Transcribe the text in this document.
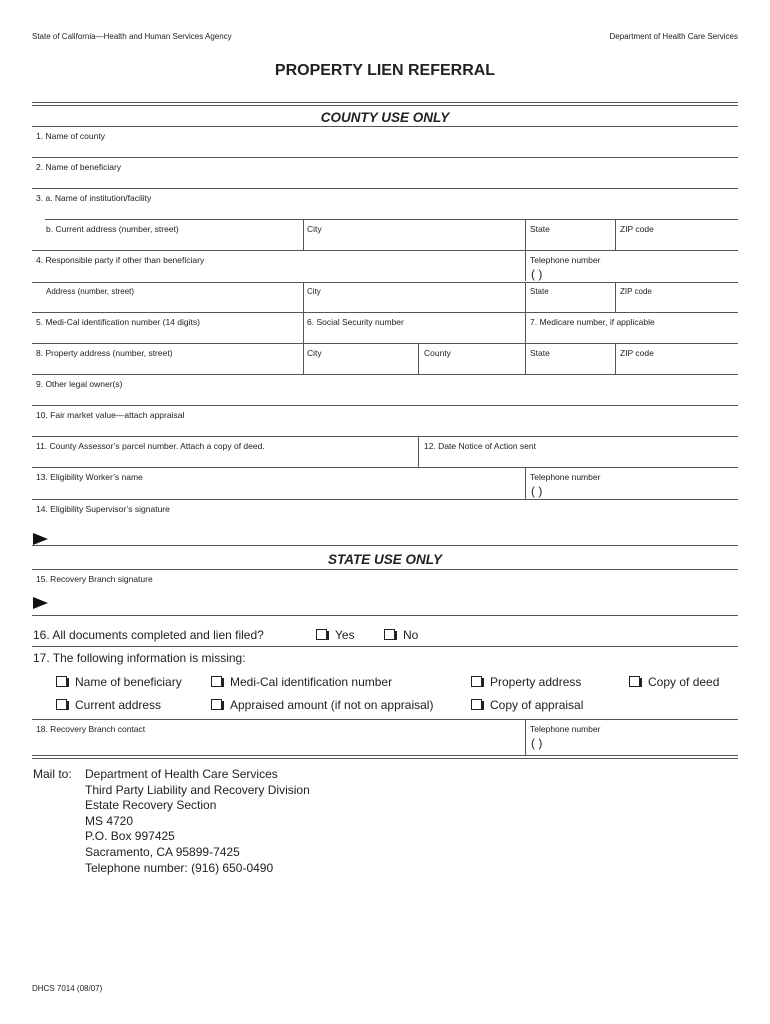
State of California—Health and Human Services Agency	Department of Health Care Services
PROPERTY LIEN REFERRAL
COUNTY USE ONLY
1. Name of county
2. Name of beneficiary
3. a. Name of institution/facility
b. Current address (number, street)	City	State	ZIP code
4. Responsible party if other than beneficiary	Telephone number
( )
Address (number, street)	City	State	ZIP code
5. Medi-Cal identification number (14 digits)	6. Social Security number	7. Medicare number, if applicable
8. Property address (number, street)	City	County	State	ZIP code
9. Other legal owner(s)
10. Fair market value—attach appraisal
11. County Assessor’s parcel number. Attach a copy of deed.	12. Date Notice of Action sent
13. Eligibility Worker’s name	Telephone number
( )
14. Eligibility Supervisor’s signature
STATE USE ONLY
15. Recovery Branch signature
16. All documents completed and lien filed?	Yes	No
17. The following information is missing:
Name of beneficiary	Medi-Cal identification number	Property address	Copy of deed
Current address	Appraised amount (if not on appraisal)	Copy of appraisal
18. Recovery Branch contact	Telephone number
( )
Mail to: Department of Health Care Services
Third Party Liability and Recovery Division
Estate Recovery Section
MS 4720
P.O. Box 997425
Sacramento, CA 95899-7425
Telephone number: (916) 650-0490
DHCS 7014 (08/07)
